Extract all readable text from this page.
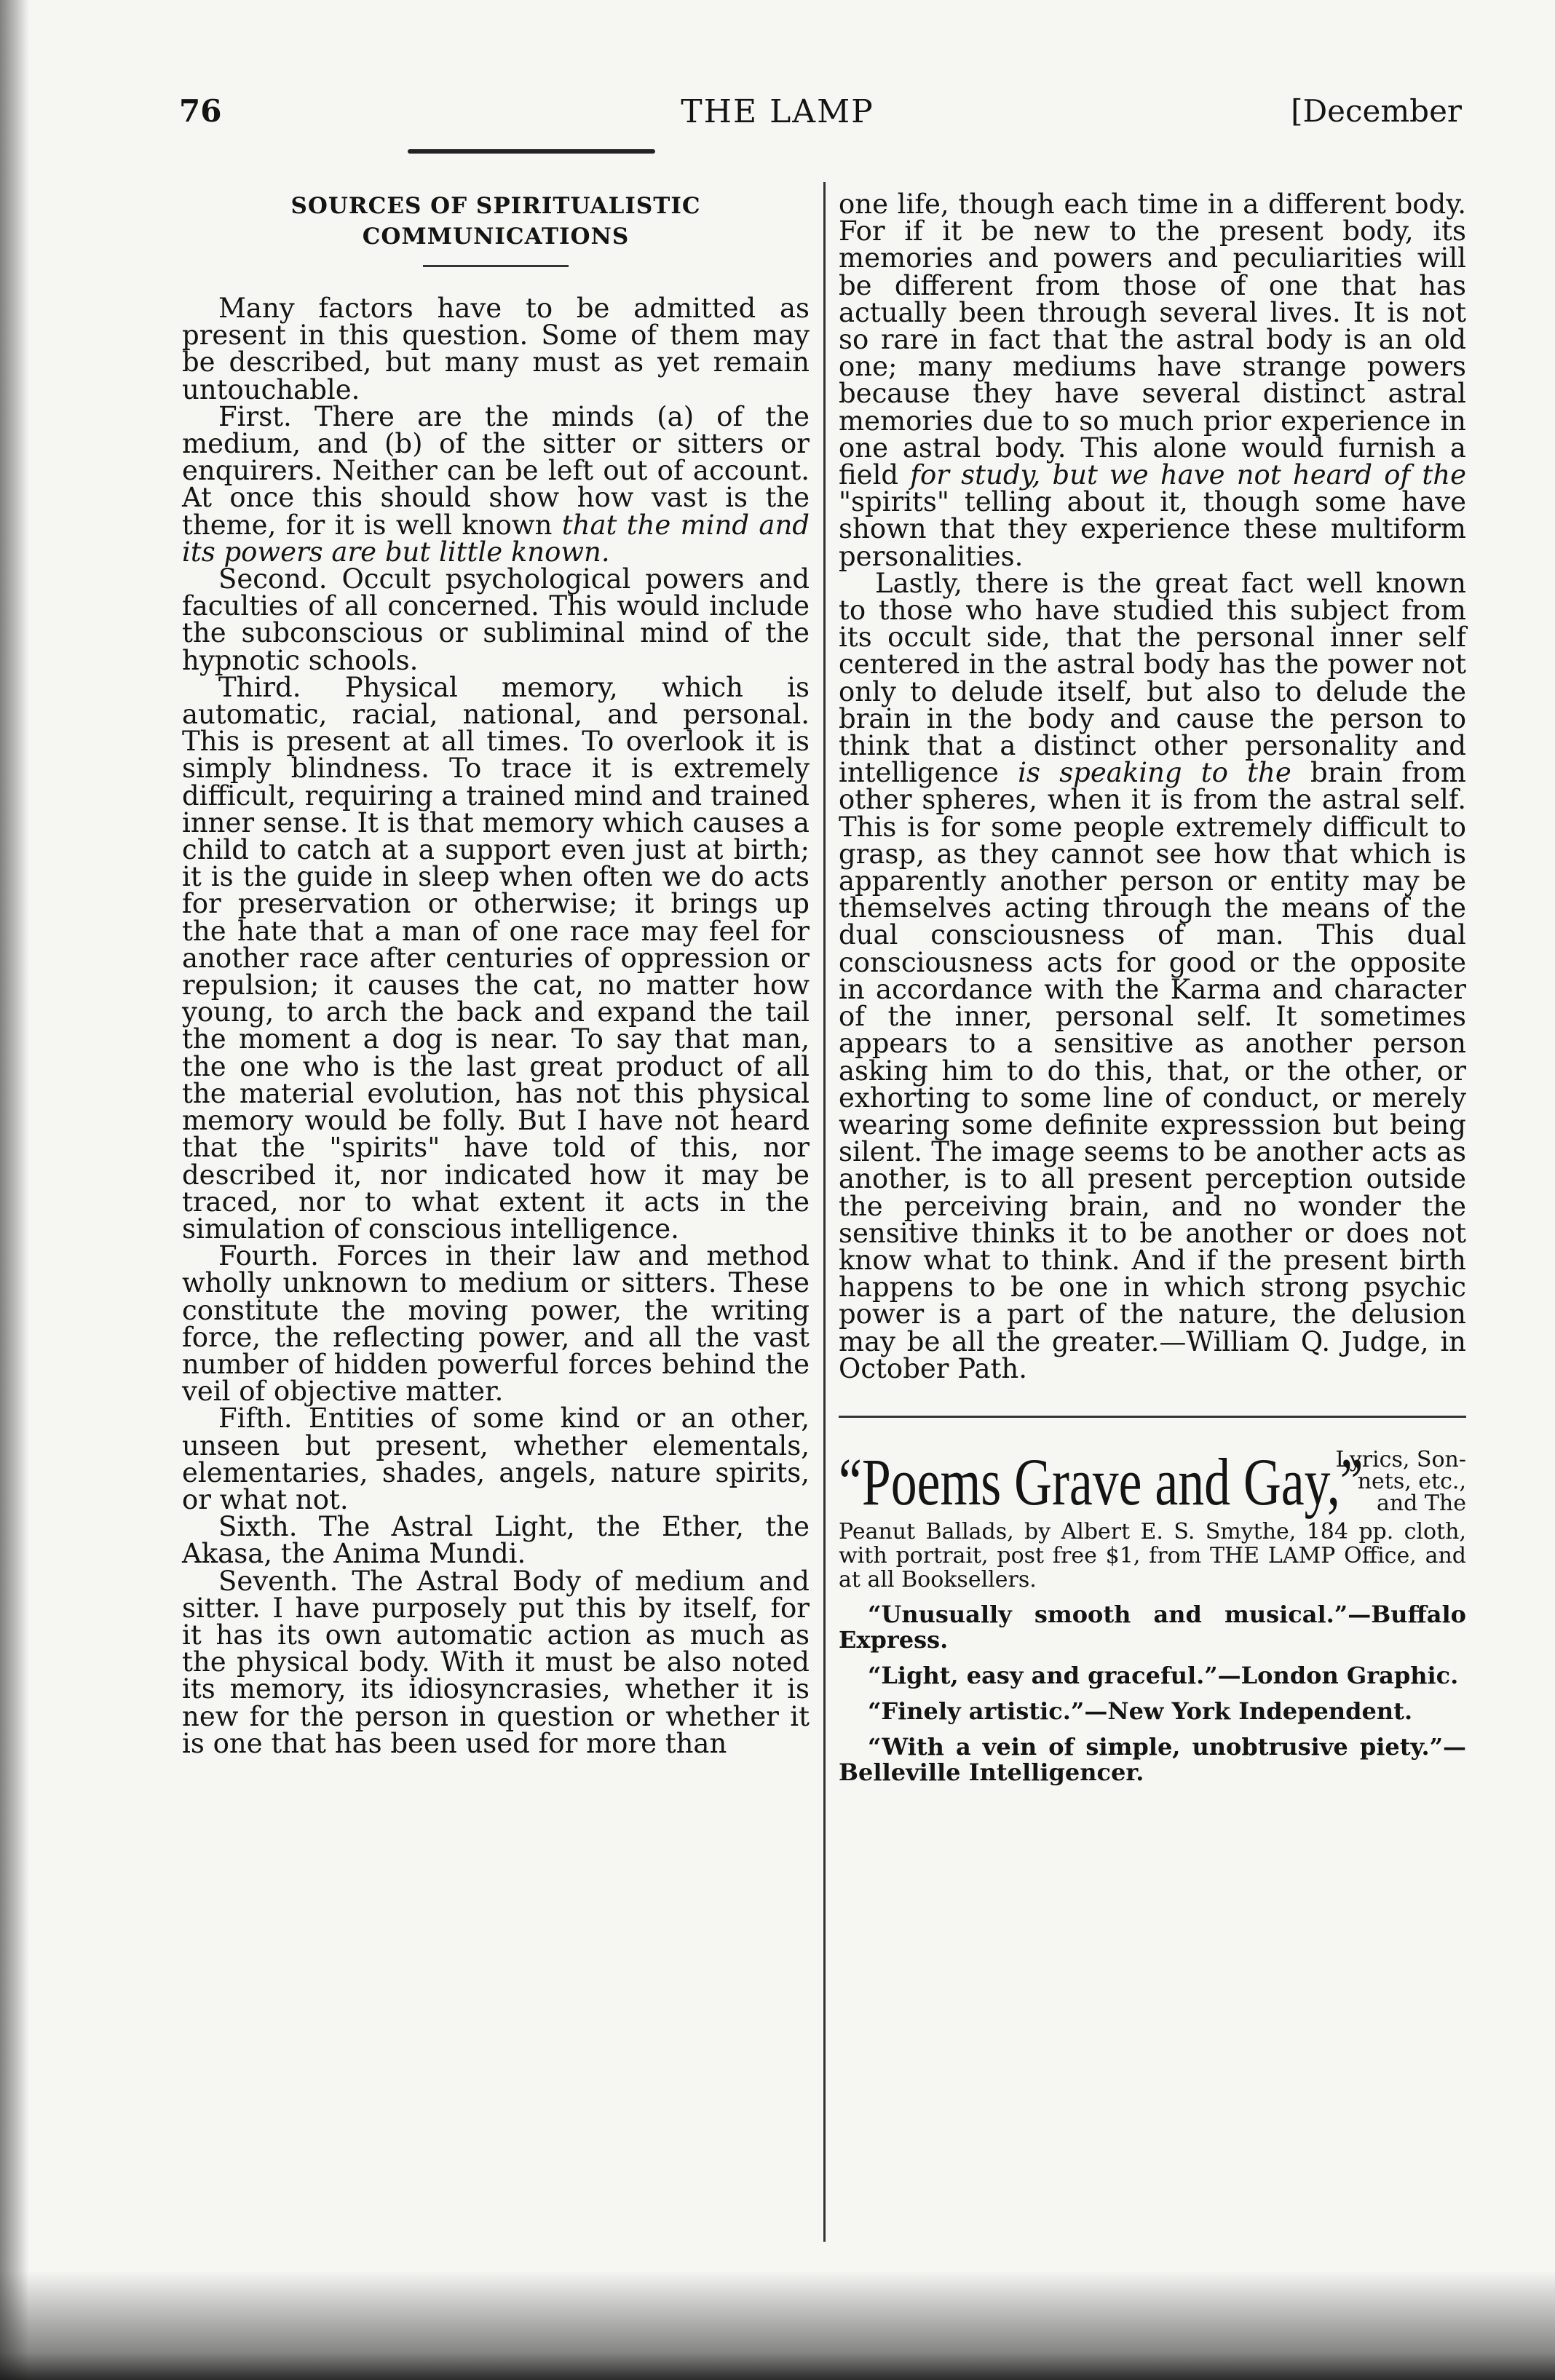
76	THE LAMP	[December
SOURCES OF SPIRITUALISTIC COMMUNICATIONS

Many factors have to be admitted as present in this question. Some of them may be described, but many must as yet remain untouchable.

First. There are the minds (a) of the medium, and (b) of the sitter or sitters or enquirers. Neither can be left out of account. At once this should show how vast is the theme, for it is well known that the mind and its powers are but little known.

Second. Occult psychological powers and faculties of all concerned. This would include the subconscious or subliminal mind of the hypnotic schools.

Third. Physical memory, which is automatic, racial, national, and personal. This is present at all times. To overlook it is simply blindness. To trace it is extremely difficult, requiring a trained mind and trained inner sense. It is that memory which causes a child to catch at a support even just at birth; it is the guide in sleep when often we do acts for preservation or otherwise; it brings up the hate that a man of one race may feel for another race after centuries of oppression or repulsion; it causes the cat, no matter how young, to arch the back and expand the tail the moment a dog is near. To say that man, the one who is the last great product of all the material evolution, has not this physical memory would be folly. But I have not heard that the "spirits" have told of this, nor described it, nor indicated how it may be traced, nor to what extent it acts in the simulation of conscious intelligence.

Fourth. Forces in their law and method wholly unknown to medium or sitters. These constitute the moving power, the writing force, the reflecting power, and all the vast number of hidden powerful forces behind the veil of objective matter.

Fifth. Entities of some kind or an other, unseen but present, whether elementals, elementaries, shades, angels, nature spirits, or what not.

Sixth. The Astral Light, the Ether, the Akasa, the Anima Mundi.

Seventh. The Astral Body of medium and sitter. I have purposely put this by itself, for it has its own automatic action as much as the physical body. With it must be also noted its memory, its idiosyncrasies, whether it is new for the person in question or whether it is one that has been used for more than

one life, though each time in a different body. For if it be new to the present body, its memories and powers and peculiarities will be different from those of one that has actually been through several lives. It is not so rare in fact that the astral body is an old one; many mediums have strange powers because they have several distinct astral memories due to so much prior experience in one astral body. This alone would furnish a field for study, but we have not heard of the "spirits" telling about it, though some have shown that they experience these multiform personalities.

Lastly, there is the great fact well known to those who have studied this subject from its occult side, that the personal inner self centered in the astral body has the power not only to delude itself, but also to delude the brain in the body and cause the person to think that a distinct other personality and intelligence is speaking to the brain from other spheres, when it is from the astral self. This is for some people extremely difficult to grasp, as they cannot see how that which is apparently another person or entity may be themselves acting through the means of the dual consciousness of man. This dual consciousness acts for good or the opposite in accordance with the Karma and character of the inner, personal self. It sometimes appears to a sensitive as another person asking him to do this, that, or the other, or exhorting to some line of conduct, or merely wearing some definite expresssion but being silent. The image seems to be another acts as another, is to all present perception outside the perceiving brain, and no wonder the sensitive thinks it to be another or does not know what to think. And if the present birth happens to be one in which strong psychic power is a part of the nature, the delusion may be all the greater.—William Q. Judge, in October Path.

“Poems Grave and Gay,”
Lyrics, Son-
nets, etc.,
and The
Peanut Ballads, by Albert E. S. Smythe, 184 pp. cloth, with portrait, post free $1, from THE LAMP Office, and at all Booksellers.
“Unusually smooth and musical.”—Buffalo Express.
“Light, easy and graceful.”—London Graphic.
“Finely artistic.”—New York Independent.
“With a vein of simple, unobtrusive piety.”—Belleville Intelligencer.
